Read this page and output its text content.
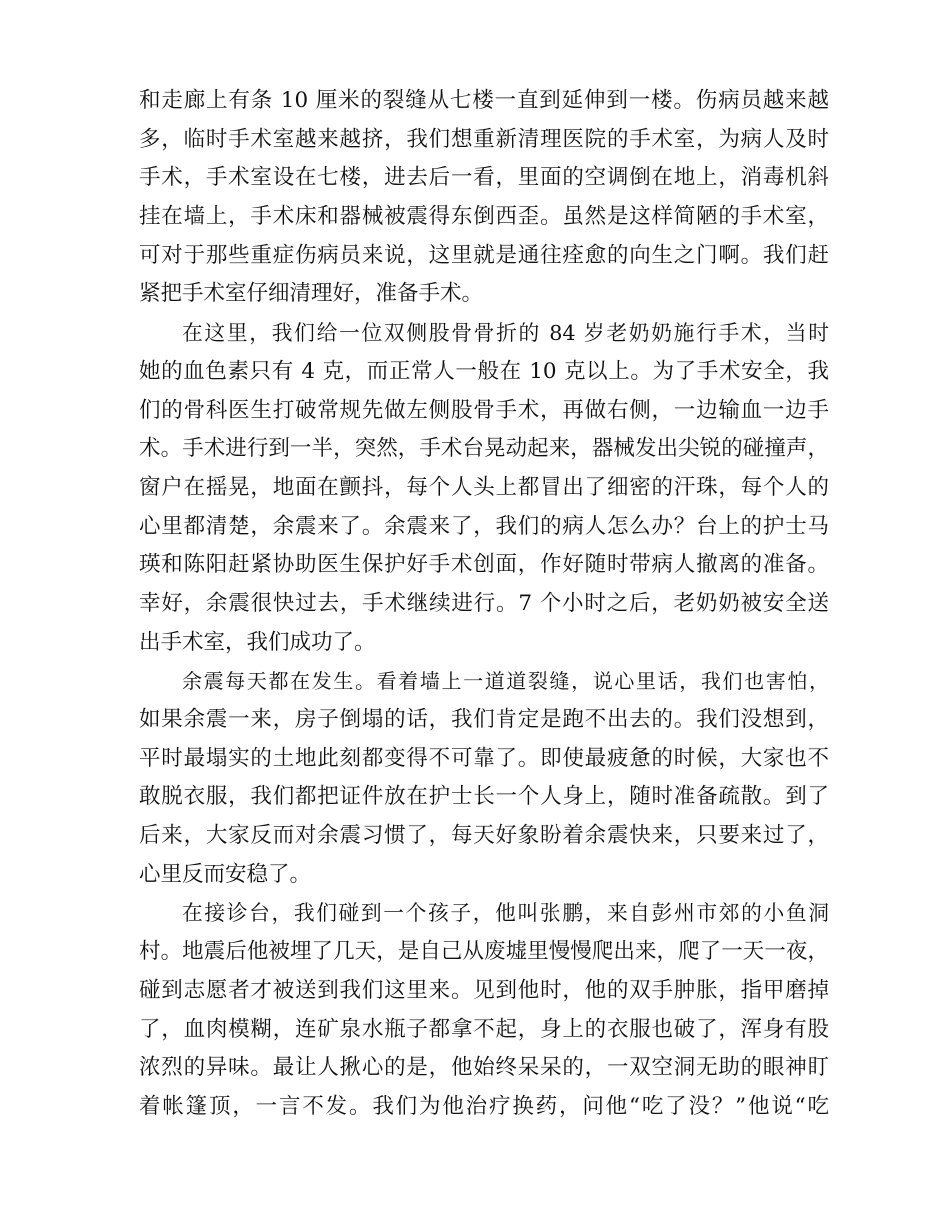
和走廊上有条 10 厘米的裂缝从七楼一直到延伸到一楼。伤病员越来越
多，临时手术室越来越挤，我们想重新清理医院的手术室，为病人及时
手术，手术室设在七楼，进去后一看，里面的空调倒在地上，消毒机斜
挂在墙上，手术床和器械被震得东倒西歪。虽然是这样简陋的手术室，
可对于那些重症伤病员来说，这里就是通往痊愈的向生之门啊。我们赶
紧把手术室仔细清理好，准备手术。
在这里，我们给一位双侧股骨骨折的 84 岁老奶奶施行手术，当时
她的血色素只有 4 克，而正常人一般在 10 克以上。为了手术安全，我
们的骨科医生打破常规先做左侧股骨手术，再做右侧，一边输血一边手
术。手术进行到一半，突然，手术台晃动起来，器械发出尖锐的碰撞声，
窗户在摇晃，地面在颤抖，每个人头上都冒出了细密的汗珠，每个人的
心里都清楚，余震来了。余震来了，我们的病人怎么办？台上的护士马
瑛和陈阳赶紧协助医生保护好手术创面，作好随时带病人撤离的准备。
幸好，余震很快过去，手术继续进行。7 个小时之后，老奶奶被安全送
出手术室，我们成功了。
余震每天都在发生。看着墙上一道道裂缝，说心里话，我们也害怕，
如果余震一来，房子倒塌的话，我们肯定是跑不出去的。我们没想到，
平时最塌实的土地此刻都变得不可靠了。即使最疲惫的时候，大家也不
敢脱衣服，我们都把证件放在护士长一个人身上，随时准备疏散。到了
后来，大家反而对余震习惯了，每天好象盼着余震快来，只要来过了，
心里反而安稳了。
在接诊台，我们碰到一个孩子，他叫张鹏，来自彭州市郊的小鱼洞
村。地震后他被埋了几天，是自己从废墟里慢慢爬出来，爬了一天一夜，
碰到志愿者才被送到我们这里来。见到他时，他的双手肿胀，指甲磨掉
了，血肉模糊，连矿泉水瓶子都拿不起，身上的衣服也破了，浑身有股
浓烈的异味。最让人揪心的是，他始终呆呆的，一双空洞无助的眼神盯
着帐篷顶，一言不发。我们为他治疗换药，问他“吃了没？”他说“吃
